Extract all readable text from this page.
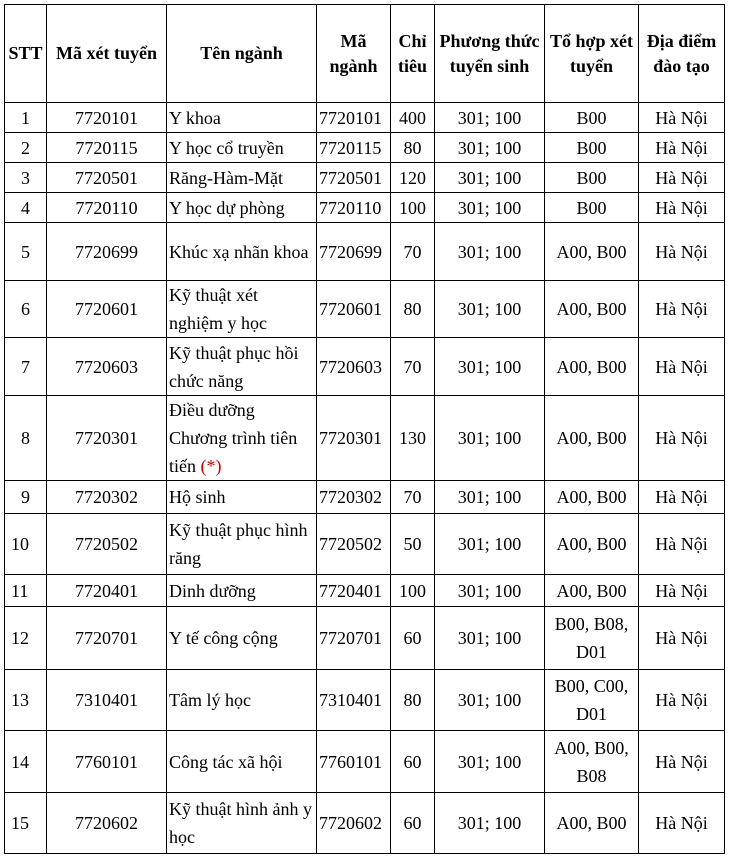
STT	Mã xét tuyển	Tên ngành	Mã ngành	Chỉ tiêu	Phương thức tuyển sinh	Tổ hợp xét tuyển	Địa điểm đào tạo
1	7720101	Y khoa	7720101	400	301; 100	B00	Hà Nội
2	7720115	Y học cổ truyền	7720115	80	301; 100	B00	Hà Nội
3	7720501	Răng-Hàm-Mặt	7720501	120	301; 100	B00	Hà Nội
4	7720110	Y học dự phòng	7720110	100	301; 100	B00	Hà Nội
5	7720699	Khúc xạ nhãn khoa	7720699	70	301; 100	A00, B00	Hà Nội
6	7720601	Kỹ thuật xét nghiệm y học	7720601	80	301; 100	A00, B00	Hà Nội
7	7720603	Kỹ thuật phục hồi chức năng	7720603	70	301; 100	A00, B00	Hà Nội
8	7720301	Điều dưỡng Chương trình tiên tiến (*)	7720301	130	301; 100	A00, B00	Hà Nội
9	7720302	Hộ sinh	7720302	70	301; 100	A00, B00	Hà Nội
10	7720502	Kỹ thuật phục hình răng	7720502	50	301; 100	A00, B00	Hà Nội
11	7720401	Dinh dưỡng	7720401	100	301; 100	A00, B00	Hà Nội
12	7720701	Y tế công cộng	7720701	60	301; 100	B00, B08, D01	Hà Nội
13	7310401	Tâm lý học	7310401	80	301; 100	B00, C00, D01	Hà Nội
14	7760101	Công tác xã hội	7760101	60	301; 100	A00, B00, B08	Hà Nội
15	7720602	Kỹ thuật hình ảnh y học	7720602	60	301; 100	A00, B00	Hà Nội
